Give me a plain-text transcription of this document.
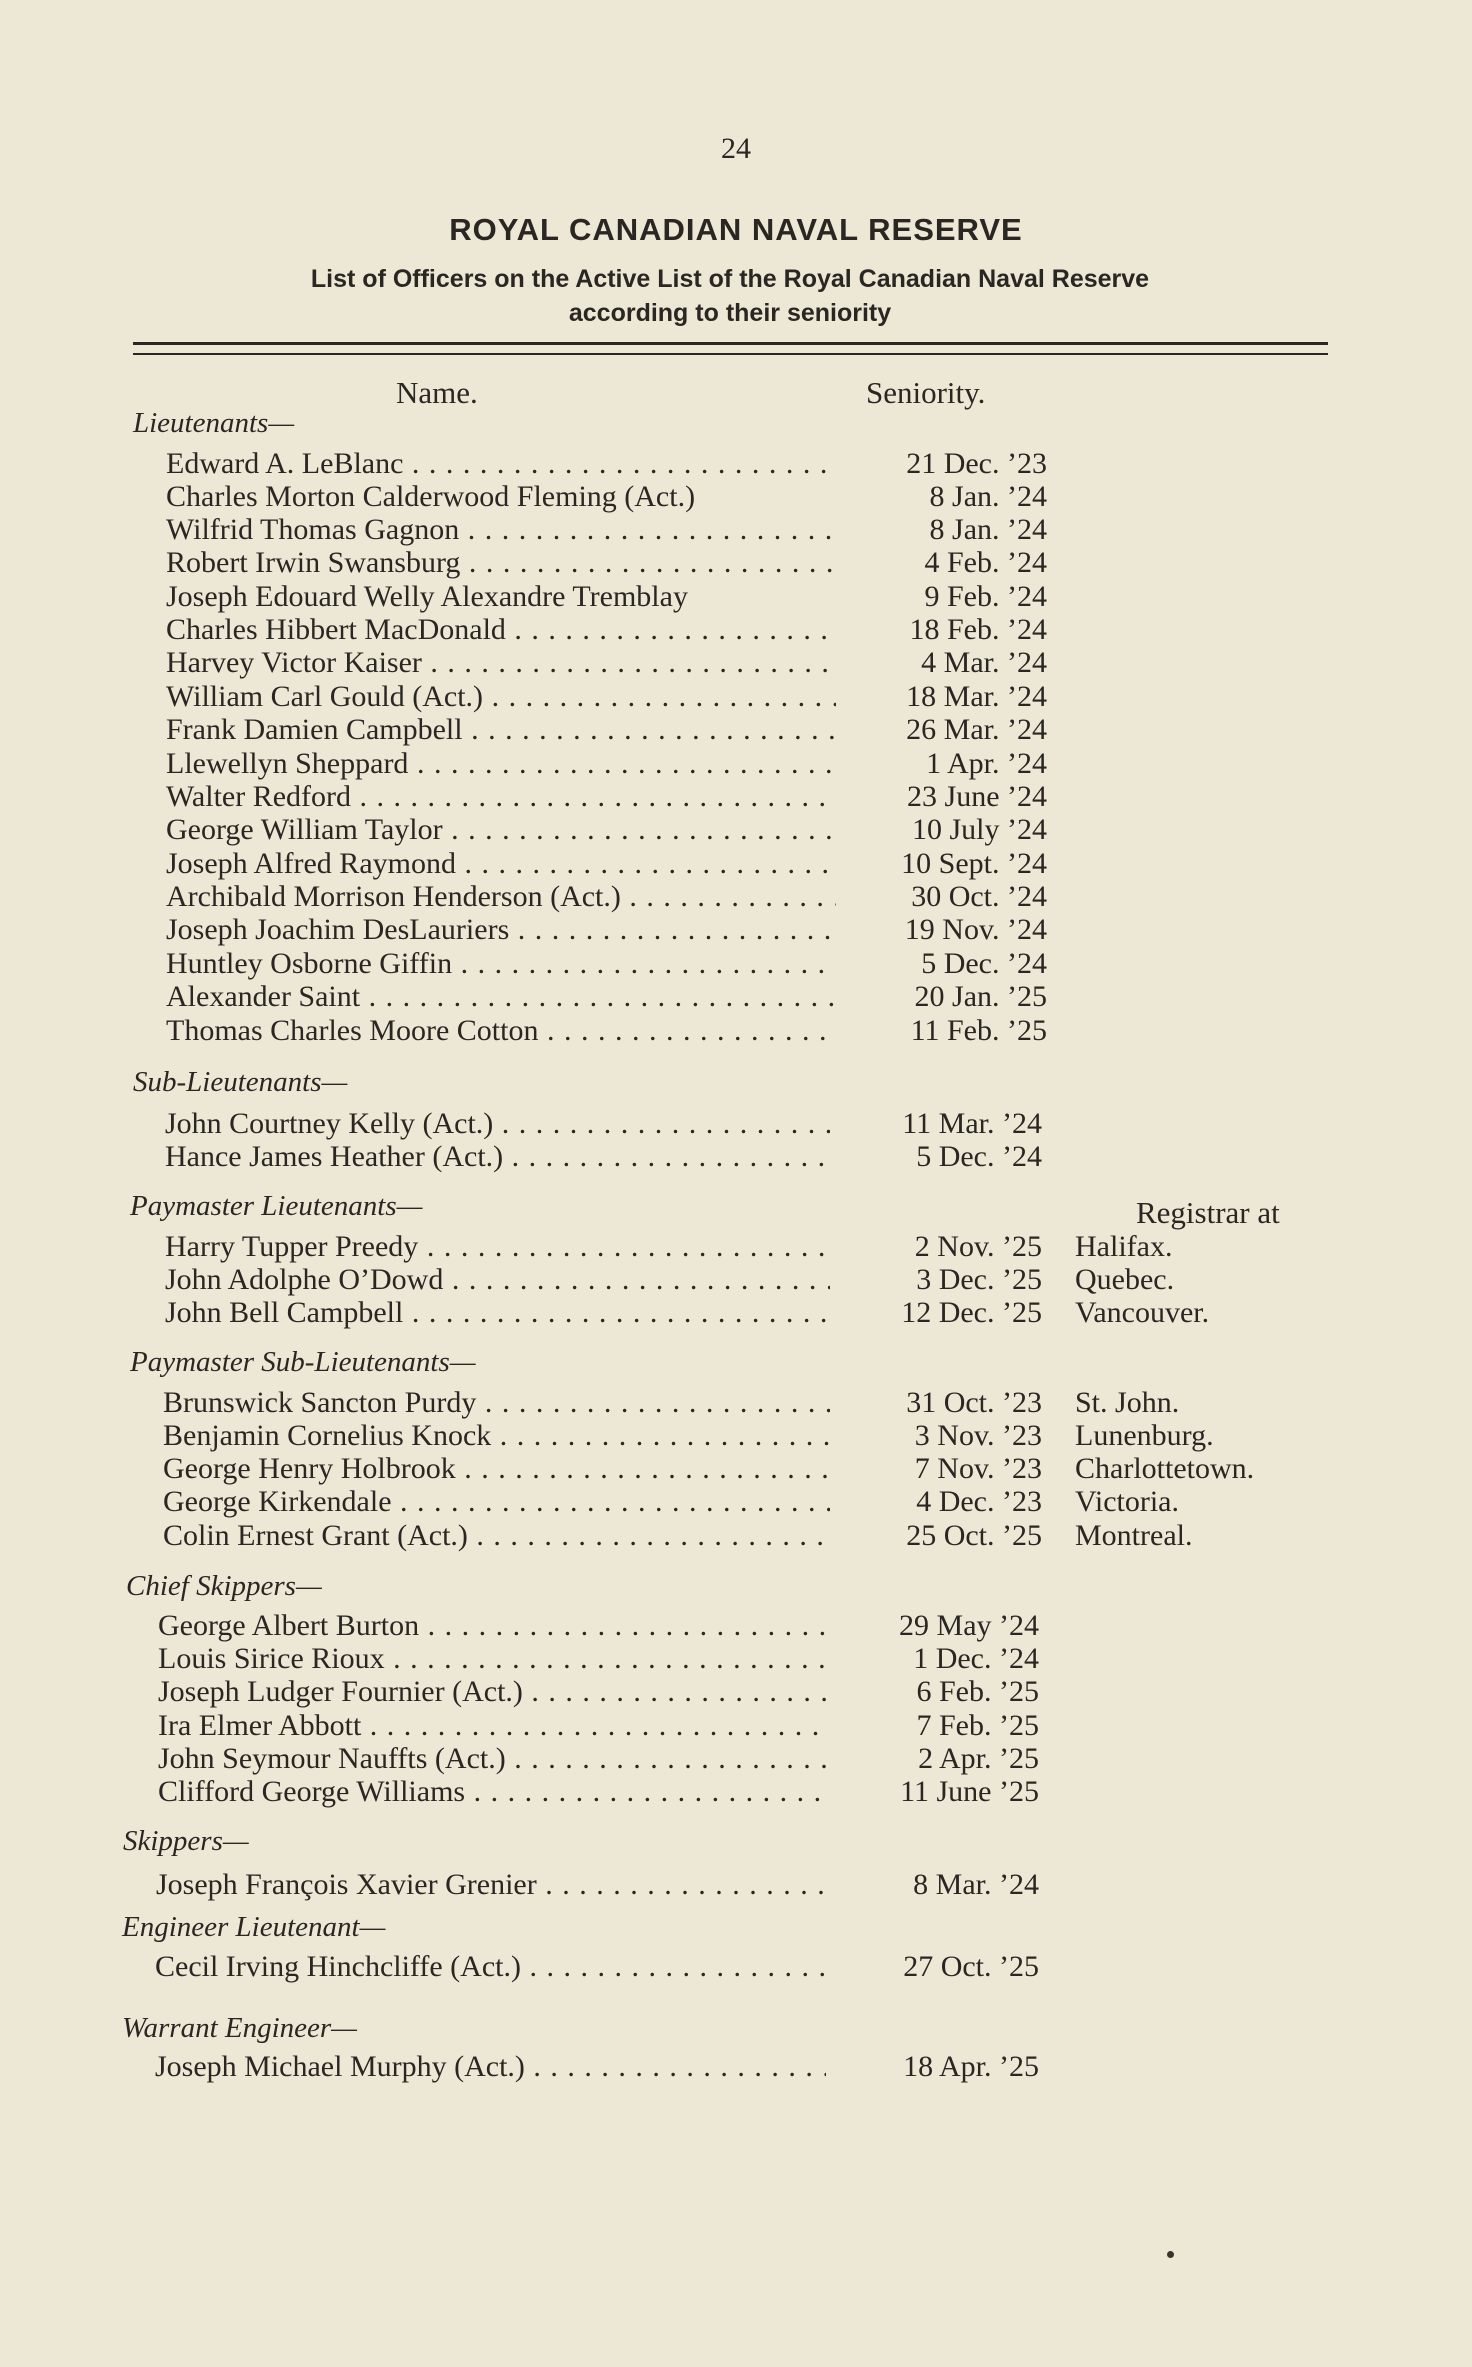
24
ROYAL CANADIAN NAVAL RESERVE
List of Officers on the Active List of the Royal Canadian Naval Reserve
according to their seniority
Name.	Seniority.
Registrar at
Lieutenants—
Edward A. LeBlanc . . .	21 Dec. ’23
Charles Morton Calderwood Fleming (Act.)	8 Jan. ’24
Wilfrid Thomas Gagnon . . .	8 Jan. ’24
Robert Irwin Swansburg . . .	4 Feb. ’24
Joseph Edouard Welly Alexandre Tremblay	9 Feb. ’24
Charles Hibbert MacDonald . . .	18 Feb. ’24
Harvey Victor Kaiser . . .	4 Mar. ’24
William Carl Gould (Act.) . . .	18 Mar. ’24
Frank Damien Campbell . . .	26 Mar. ’24
Llewellyn Sheppard . . .	1 Apr. ’24
Walter Redford . . .	23 June ’24
George William Taylor . . .	10 July ’24
Joseph Alfred Raymond . . .	10 Sept. ’24
Archibald Morrison Henderson (Act.) . . .	30 Oct. ’24
Joseph Joachim DesLauriers . . .	19 Nov. ’24
Huntley Osborne Giffin . . .	5 Dec. ’24
Alexander Saint . . .	20 Jan. ’25
Thomas Charles Moore Cotton . . .	11 Feb. ’25
Sub-Lieutenants—
John Courtney Kelly (Act.) . . .	11 Mar. ’24
Hance James Heather (Act.) . . .	5 Dec. ’24
Paymaster Lieutenants—
Harry Tupper Preedy . . .	2 Nov. ’25 Halifax.
John Adolphe O’Dowd . . .	3 Dec. ’25 Quebec.
John Bell Campbell . . .	12 Dec. ’25 Vancouver.
Paymaster Sub-Lieutenants—
Brunswick Sancton Purdy . . .	31 Oct. ’23 St. John.
Benjamin Cornelius Knock . . .	3 Nov. ’23 Lunenburg.
George Henry Holbrook . . .	7 Nov. ’23 Charlottetown.
George Kirkendale . . .	4 Dec. ’23 Victoria.
Colin Ernest Grant (Act.) . . .	25 Oct. ’25 Montreal.
Chief Skippers—
George Albert Burton . . .	29 May ’24
Louis Sirice Rioux . . .	1 Dec. ’24
Joseph Ludger Fournier (Act.) . . .	6 Feb. ’25
Ira Elmer Abbott . . .	7 Feb. ’25
John Seymour Nauffts (Act.) . . .	2 Apr. ’25
Clifford George Williams . . .	11 June ’25
Skippers—
Joseph François Xavier Grenier . . .	8 Mar. ’24
Engineer Lieutenant—
Cecil Irving Hinchcliffe (Act.) . . .	27 Oct. ’25
Warrant Engineer—
Joseph Michael Murphy (Act.) . . .	18 Apr. ’25
